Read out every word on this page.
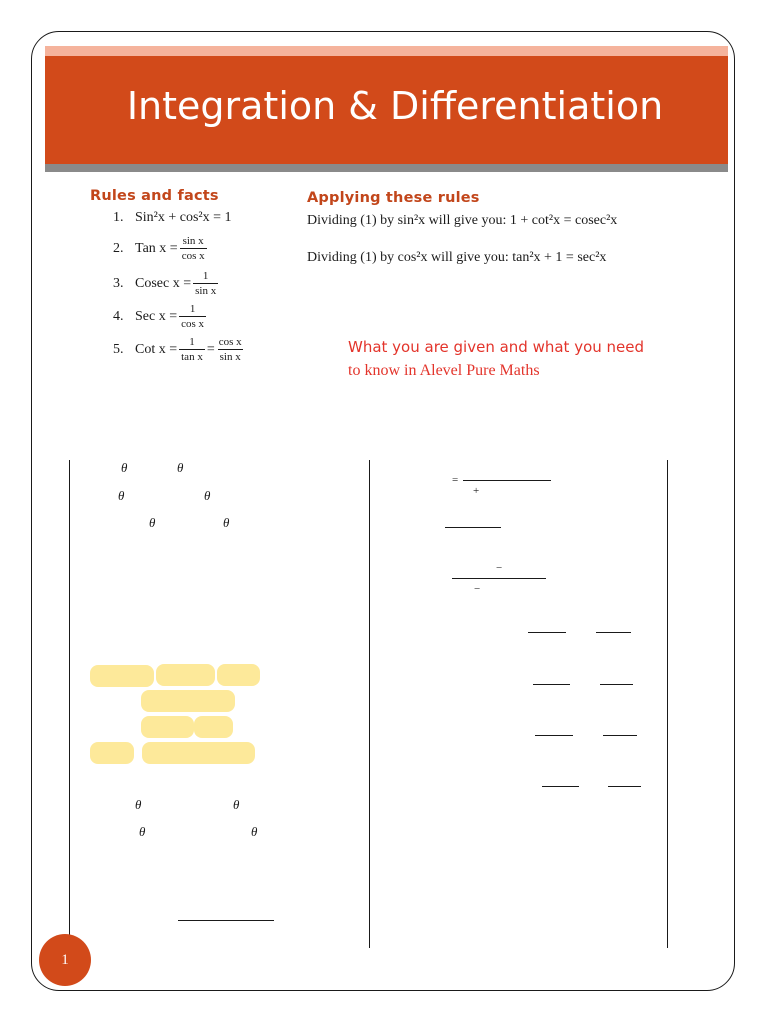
Integration & Differentiation
Rules and facts
1. Sin²x + cos²x = 1
2. Tan $x = \frac{\text{sin x}}{\text{cos x}}$
3. Cosec $x = \frac{1}{\text{sin x}}$
4. Sec $x = \frac{1}{\text{cos x}}$
5. Cot $x = \frac{1}{\text{tan x}} = \frac{\text{cos x}}{\text{sin x}}$
Applying these rules
Dividing (1) by sin²x will give you: 1 + cot²x = cosec²x
Dividing (1) by cos²x will give you: tan²x + 1 = sec²x
What you are given and what you need
to know in Alevel Pure Maths
θ	θ
θ	θ
θ	θ
θ	θ
θ	θ
=
+
−
−
1
